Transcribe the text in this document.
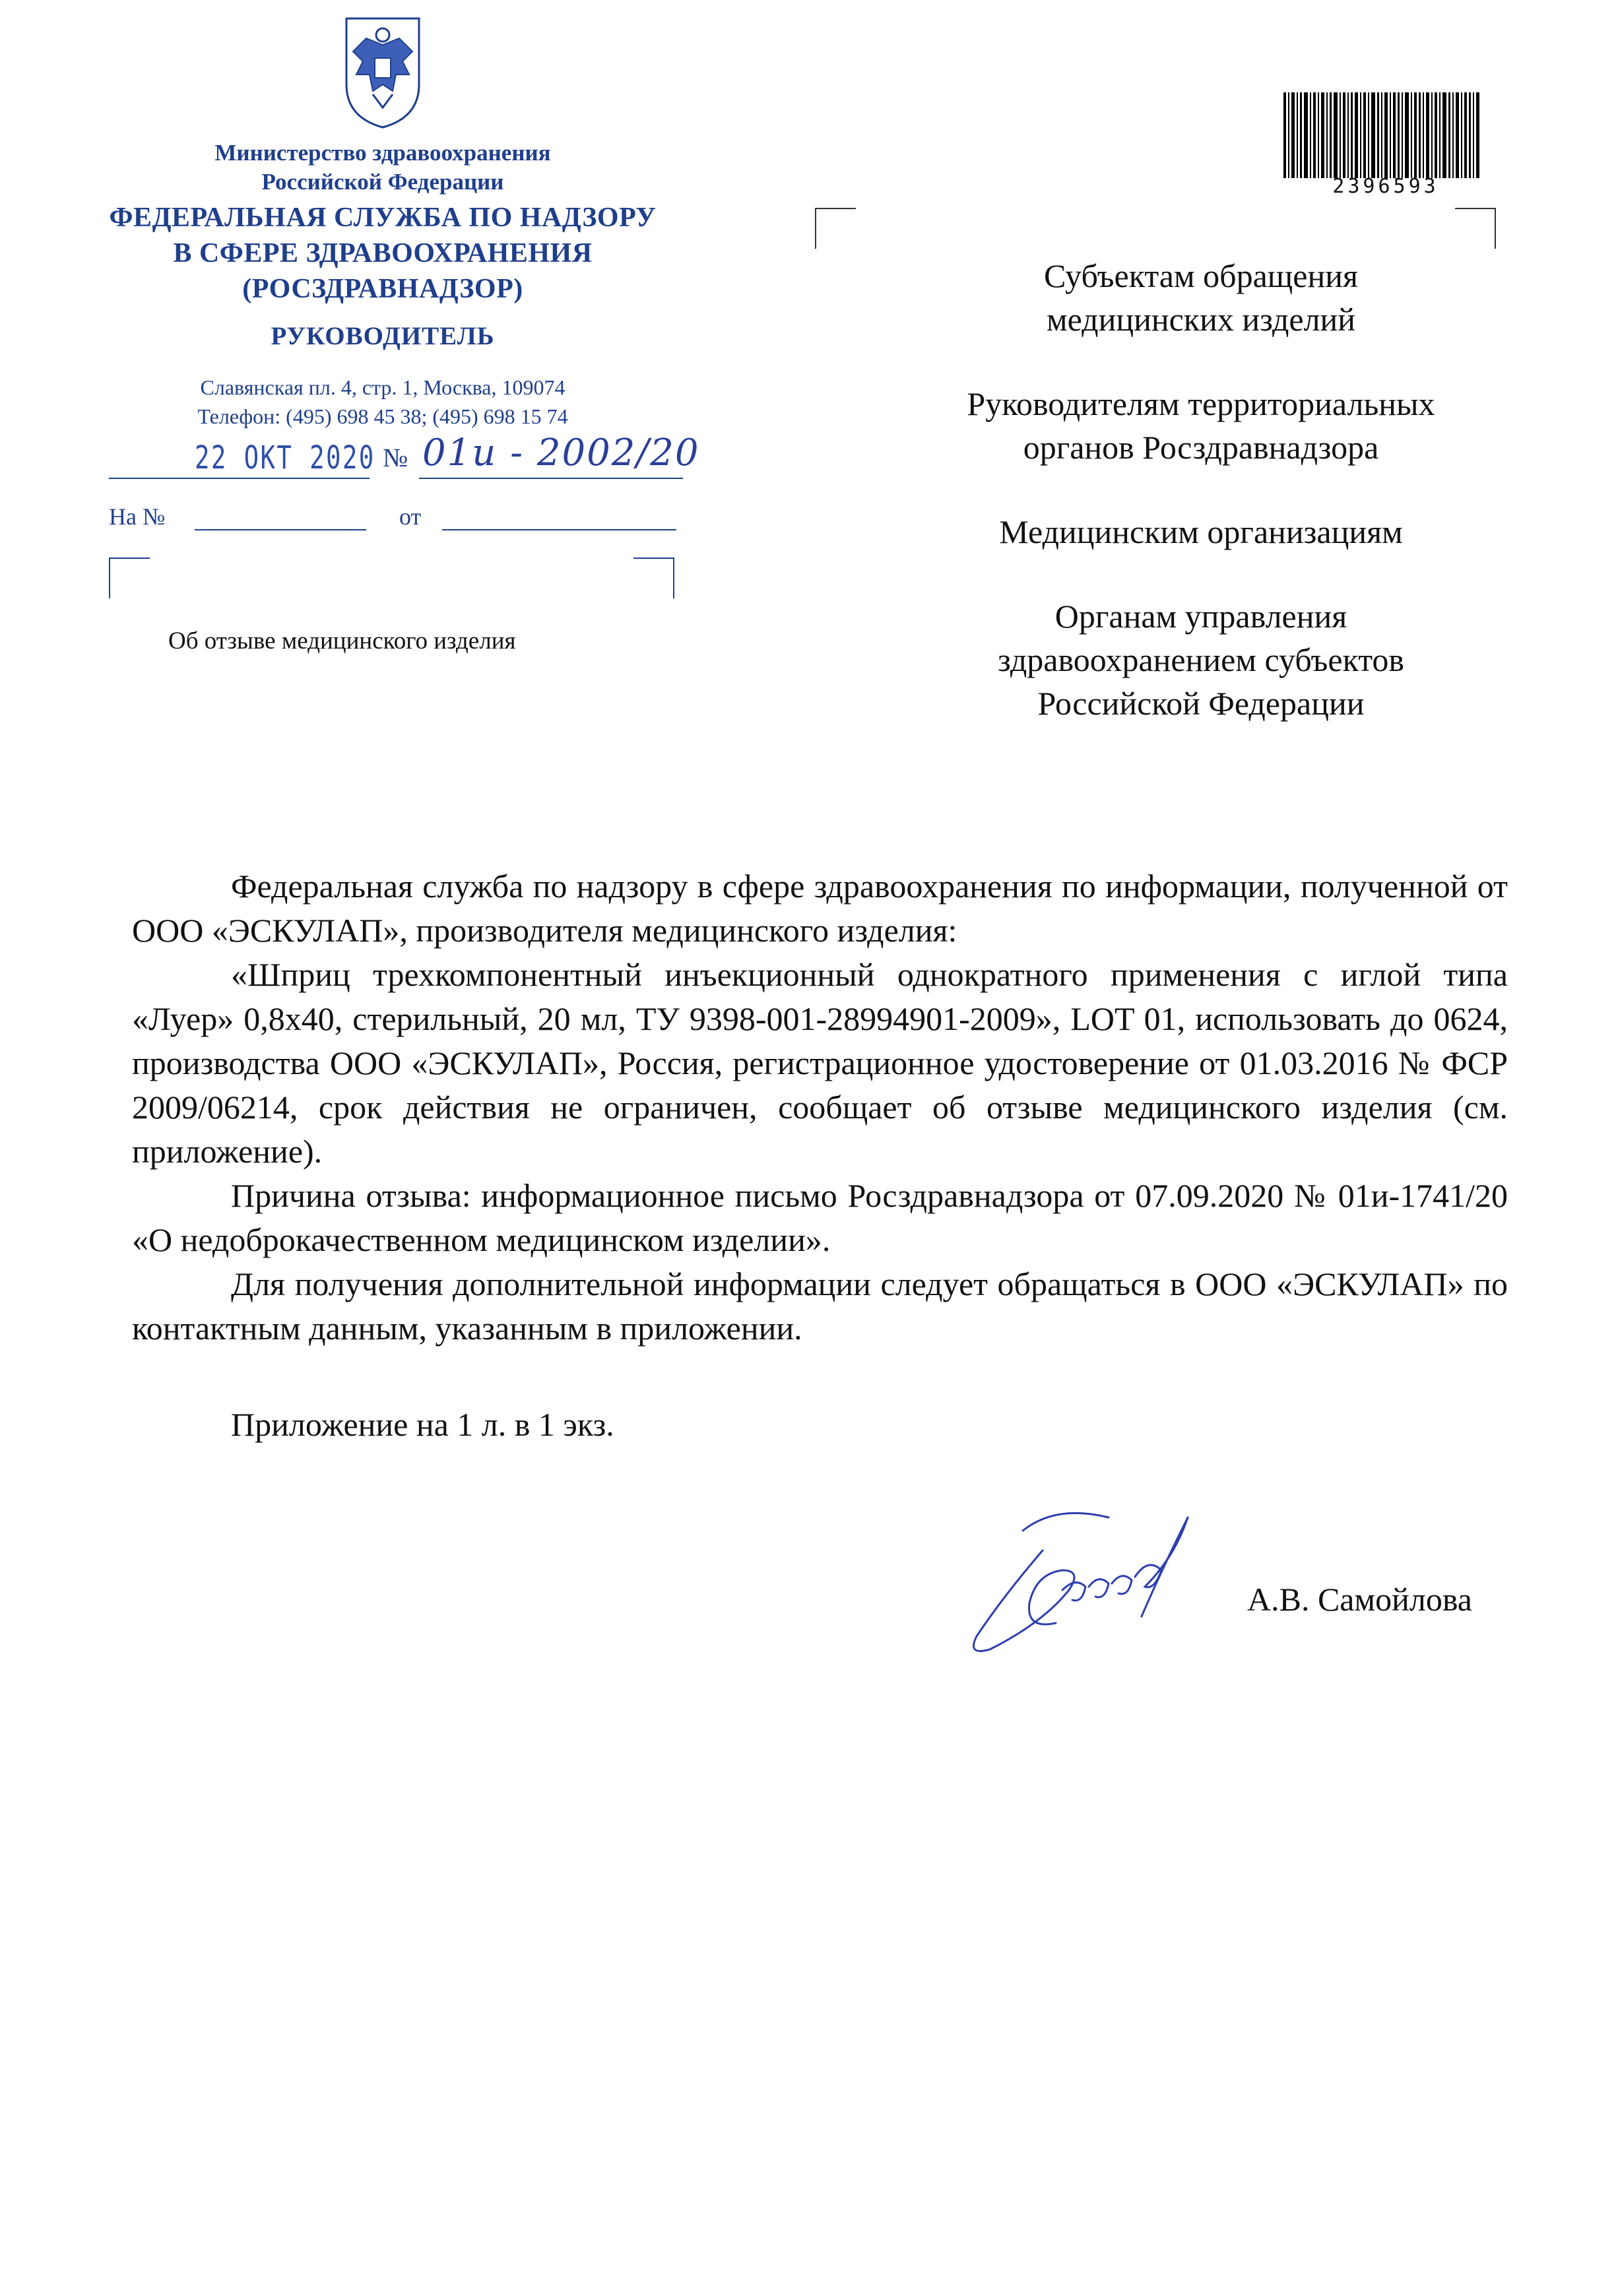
Министерство здравоохранения
Российской Федерации
ФЕДЕРАЛЬНАЯ СЛУЖБА ПО НАДЗОРУ
В СФЕРЕ ЗДРАВООХРАНЕНИЯ
(РОСЗДРАВНАДЗОР)
РУКОВОДИТЕЛЬ
Славянская пл. 4, стр. 1, Москва, 109074
Телефон: (495) 698 45 38; (495) 698 15 74
22 ОКТ 2020 № 01и - 2002/20
На №	от
Об отзыве медицинского изделия
2396593

Субъектам обращения
медицинских изделий

Руководителям территориальных
органов Росздравнадзора

Медицинским организациям

Органам управления
здравоохранением субъектов
Российской Федерации

Федеральная служба по надзору в сфере здравоохранения по информации, полученной от ООО «ЭСКУЛАП», производителя медицинского изделия:

«Шприц трехкомпонентный инъекционный однократного применения с иглой типа «Луер» 0,8х40, стерильный, 20 мл, ТУ 9398-001-28994901-2009», LOT 01, использовать до 0624, производства ООО «ЭСКУЛАП», Россия, регистрационное удостоверение от 01.03.2016 № ФСР 2009/06214, срок действия не ограничен, сообщает об отзыве медицинского изделия (см. приложение).

Причина отзыва: информационное письмо Росздравнадзора от 07.09.2020 № 01и-1741/20 «О недоброкачественном медицинском изделии».

Для получения дополнительной информации следует обращаться в ООО «ЭСКУЛАП» по контактным данным, указанным в приложении.

Приложение на 1 л. в 1 экз.
А.В. Самойлова
